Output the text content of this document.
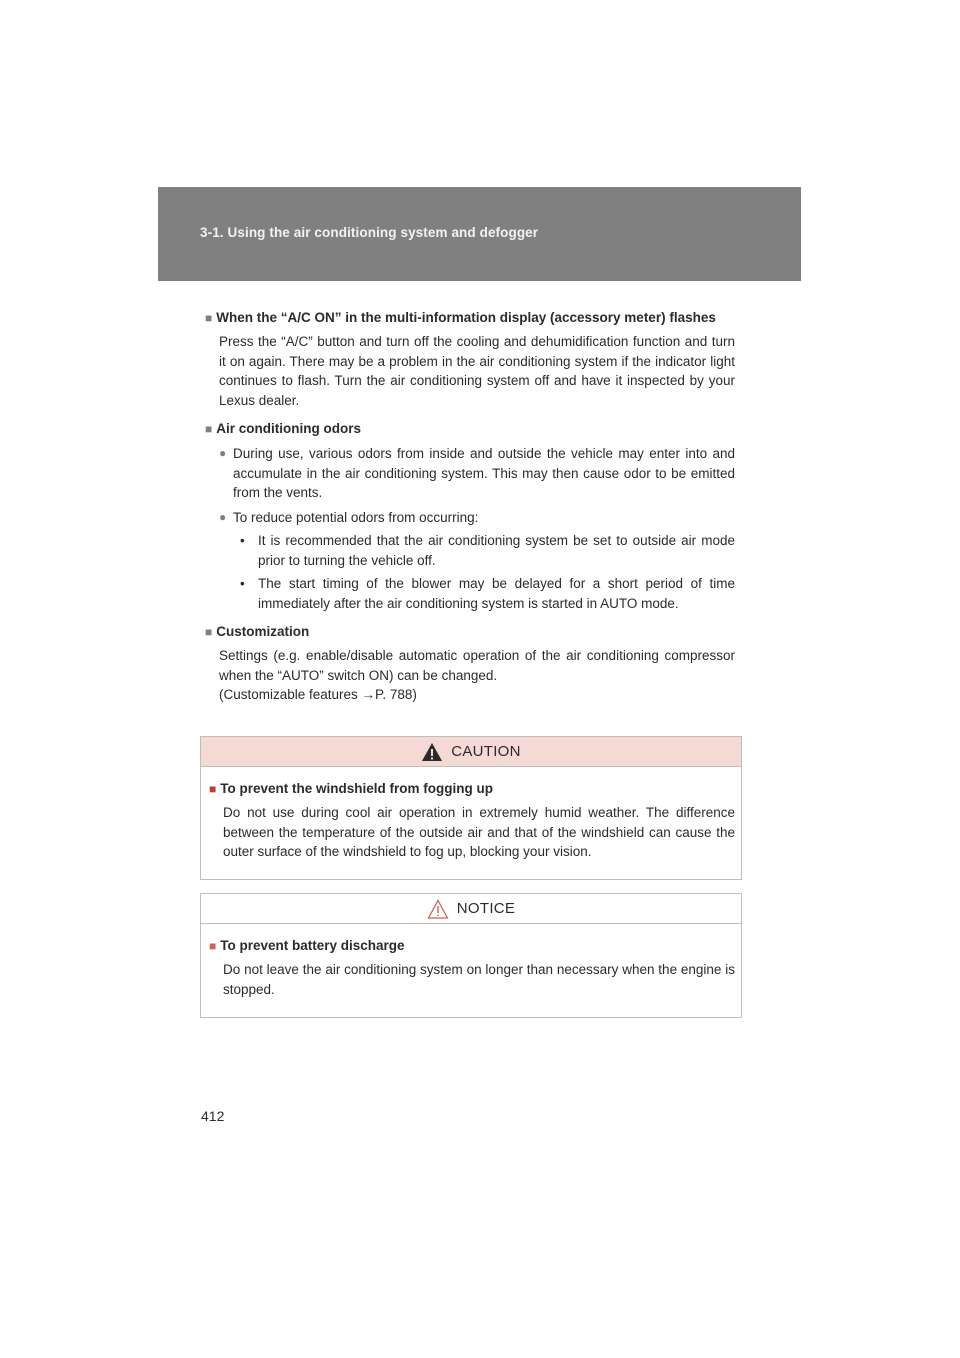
3-1. Using the air conditioning system and defogger

■ When the “A/C ON” in the multi-information display (accessory meter) flashes

Press the “A/C” button and turn off the cooling and dehumidification function and turn it on again. There may be a problem in the air conditioning system if the indicator light continues to flash. Turn the air conditioning system off and have it inspected by your Lexus dealer.

■ Air conditioning odors

● During use, various odors from inside and outside the vehicle may enter into and accumulate in the air conditioning system. This may then cause odor to be emitted from the vents.
● To reduce potential odors from occurring:
• It is recommended that the air conditioning system be set to outside air mode prior to turning the vehicle off.
• The start timing of the blower may be delayed for a short period of time immediately after the air conditioning system is started in AUTO mode.

■ Customization

Settings (e.g. enable/disable automatic operation of the air conditioning compressor when the “AUTO” switch ON) can be changed.

(Customizable features →P. 788)

CAUTION

■ To prevent the windshield from fogging up

Do not use during cool air operation in extremely humid weather. The difference between the temperature of the outside air and that of the windshield can cause the outer surface of the windshield to fog up, blocking your vision.

NOTICE

■ To prevent battery discharge

Do not leave the air conditioning system on longer than necessary when the engine is stopped.

412
